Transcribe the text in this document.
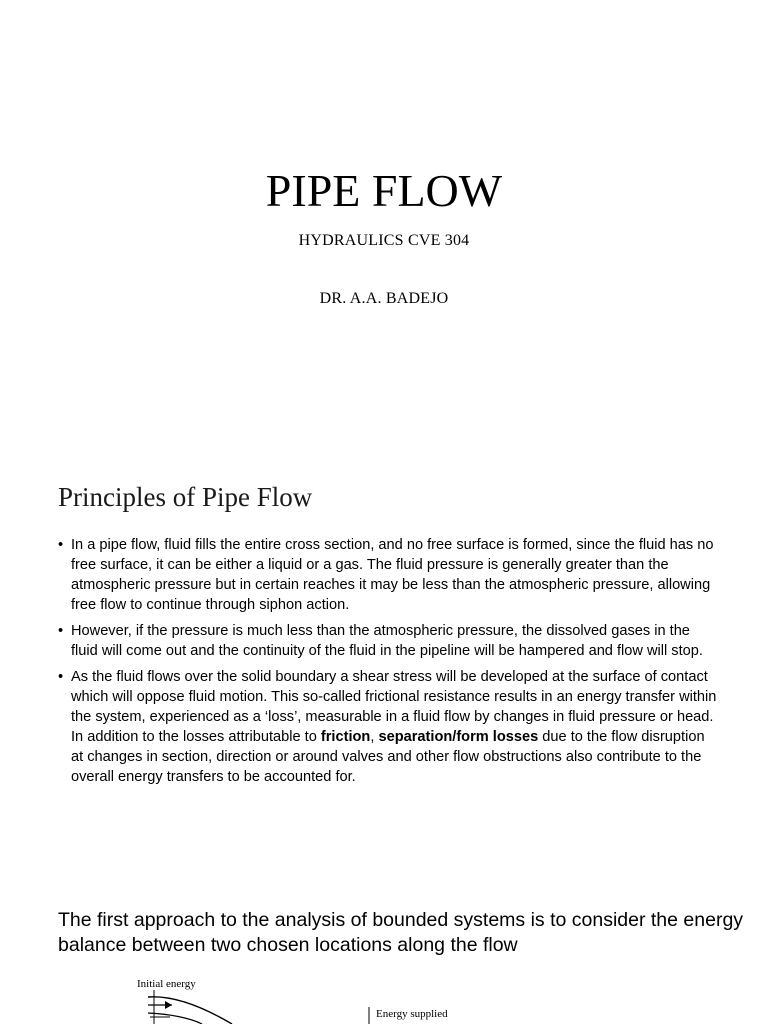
PIPE FLOW
HYDRAULICS CVE 304
DR. A.A. BADEJO
Principles of Pipe Flow
• In a pipe flow, fluid fills the entire cross section, and no free surface is formed, since the fluid has no free surface, it can be either a liquid or a gas. The fluid pressure is generally greater than the atmospheric pressure but in certain reaches it may be less than the atmospheric pressure, allowing free flow to continue through siphon action.
• However, if the pressure is much less than the atmospheric pressure, the dissolved gases in the fluid will come out and the continuity of the fluid in the pipeline will be hampered and flow will stop.
• As the fluid flows over the solid boundary a shear stress will be developed at the surface of contact which will oppose fluid motion. This so-called frictional resistance results in an energy transfer within the system, experienced as a ‘loss’, measurable in a fluid flow by changes in fluid pressure or head. In addition to the losses attributable to friction, separation/form losses due to the flow disruption at changes in section, direction or around valves and other flow obstructions also contribute to the overall energy transfers to be accounted for.
The first approach to the analysis of bounded systems is to consider the energy balance between two chosen locations along the flow
Initial energy
Energy supplied
